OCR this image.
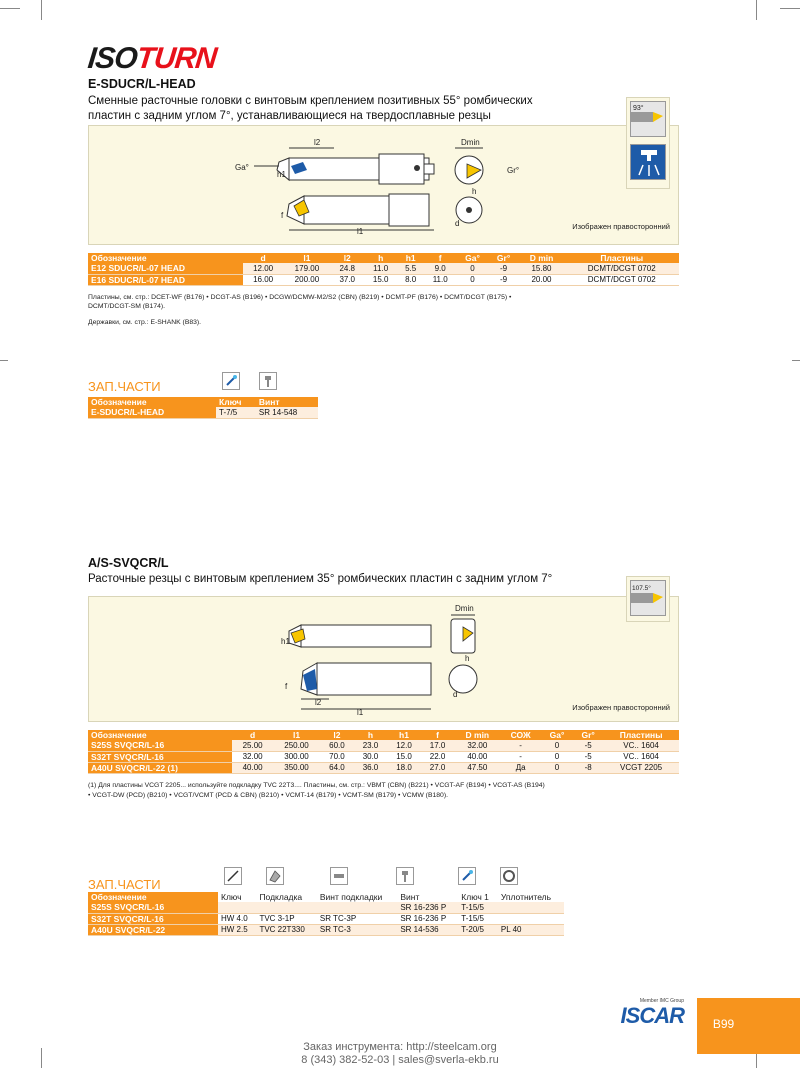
ISOTURN
E-SDUCR/L-HEAD
Сменные расточные головки с винтовым креплением позитивных 55° ромбических
пластин с задним углом 7°, устанавливающиеся на твердосплавные резцы
Ga°
l2
l1
h1
f
Dmin
Gr°
h
d	Изображен правосторонний
93°
Обозначение	d	l1	l2	h	h1	f	Ga°	Gr°	D min	Пластины
E12 SDUCR/L-07 HEAD	12.00	179.00	24.8	11.0	5.5	9.0	0	-9	15.80	DCMT/DCGT 0702
E16 SDUCR/L-07 HEAD	16.00	200.00	37.0	15.0	8.0	11.0	0	-9	20.00	DCMT/DCGT 0702
Пластины, см. стр.: DCET-WF (B176) • DCGT-AS (B196) • DCGW/DCMW-M2/S2 (CBN) (B219) • DCMT-PF (B176) • DCMT/DCGT (B175) •
DCMT/DCGT-SM (B174).
Державки, см. стр.: E-SHANK (B83).
ЗАП.ЧАСТИ
Обозначение	Ключ	Винт
E-SDUCR/L-HEAD	T-7/5	SR 14-548
A/S-SVQCR/L
Расточные резцы с винтовым креплением 35° ромбических пластин с задним углом 7°
h1
f
l2
l1
Dmin
h
d
Изображен правосторонний
107.5°
Обозначение	d	l1	l2	h	h1	f	D min	СОЖ	Ga°	Gr°	Пластины
S25S SVQCR/L-16	25.00	250.00	60.0	23.0	12.0	17.0	32.00	-	0	-5	VC.. 1604
S32T SVQCR/L-16	32.00	300.00	70.0	30.0	15.0	22.0	40.00	-	0	-5	VC.. 1604
A40U SVQCR/L-22 (1)	40.00	350.00	64.0	36.0	18.0	27.0	47.50	Да	0	-8	VCGT 2205
(1) Для пластины VCGT 2205... используйте подкладку TVC 22T3.... Пластины, см. стр.: VBMT (CBN) (B221) • VCGT-AF (B194) • VCGT-AS (B194)
• VCGT-DW (PCD) (B210) • VCGT/VCMT (PCD & CBN) (B210) • VCMT-14 (B179) • VCMT-SM (B179) • VCMW (B180).
ЗАП.ЧАСТИ
Обозначение	Ключ	Подкладка	Винт подкладки	Винт	Ключ 1	Уплотнитель
S25S SVQCR/L-16				SR 16-236 P	T-15/5	
S32T SVQCR/L-16	HW 4.0	TVC 3-1P	SR TC-3P	SR 16-236 P	T-15/5	
A40U SVQCR/L-22	HW 2.5	TVC 22T330	SR TC-3	SR 14-536	T-20/5	PL 40
Member IMC Group
ISCAR	B99
Заказ инструмента: http://steelcam.org
8 (343) 382-52-03 | sales@sverla-ekb.ru
